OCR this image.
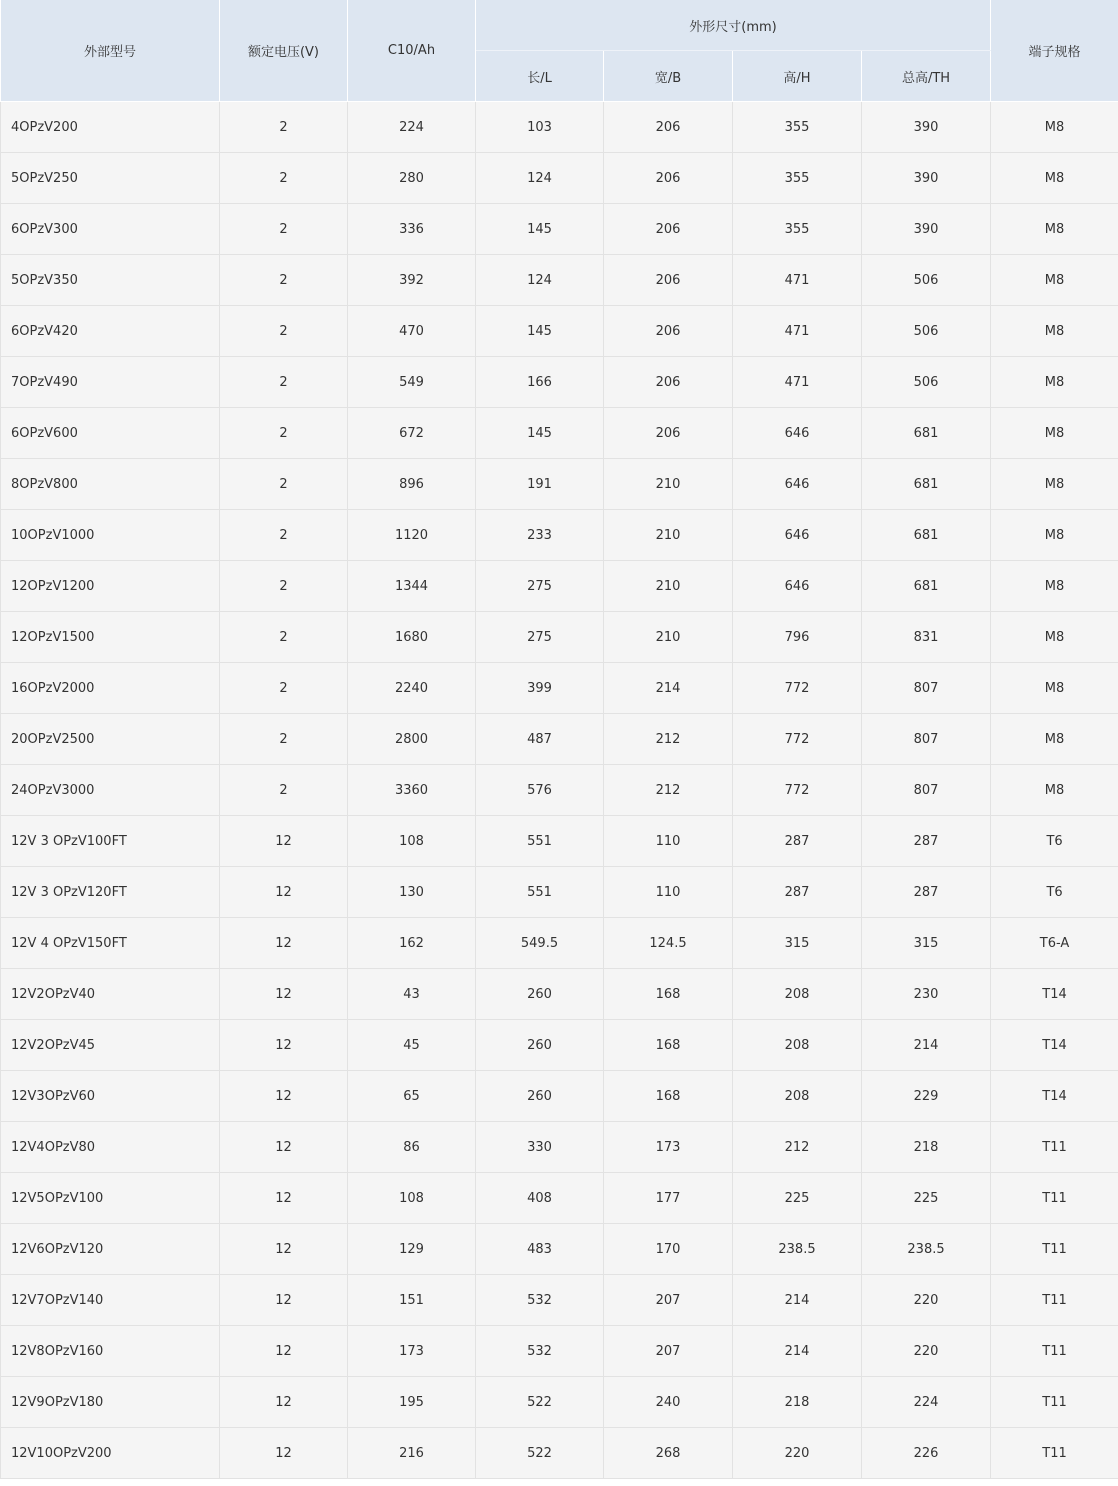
外部型号	额定电压(V)	C10/Ah	外形尺寸(mm)				端子规格
			长/L	宽/B	高/H	总高/TH	
4OPzV200	2	224	103	206	355	390	M8
5OPzV250	2	280	124	206	355	390	M8
6OPzV300	2	336	145	206	355	390	M8
5OPzV350	2	392	124	206	471	506	M8
6OPzV420	2	470	145	206	471	506	M8
7OPzV490	2	549	166	206	471	506	M8
6OPzV600	2	672	145	206	646	681	M8
8OPzV800	2	896	191	210	646	681	M8
10OPzV1000	2	1120	233	210	646	681	M8
12OPzV1200	2	1344	275	210	646	681	M8
12OPzV1500	2	1680	275	210	796	831	M8
16OPzV2000	2	2240	399	214	772	807	M8
20OPzV2500	2	2800	487	212	772	807	M8
24OPzV3000	2	3360	576	212	772	807	M8
12V 3 OPzV100FT	12	108	551	110	287	287	T6
12V 3 OPzV120FT	12	130	551	110	287	287	T6
12V 4 OPzV150FT	12	162	549.5	124.5	315	315	T6-A
12V2OPzV40	12	43	260	168	208	230	T14
12V2OPzV45	12	45	260	168	208	214	T14
12V3OPzV60	12	65	260	168	208	229	T14
12V4OPzV80	12	86	330	173	212	218	T11
12V5OPzV100	12	108	408	177	225	225	T11
12V6OPzV120	12	129	483	170	238.5	238.5	T11
12V7OPzV140	12	151	532	207	214	220	T11
12V8OPzV160	12	173	532	207	214	220	T11
12V9OPzV180	12	195	522	240	218	224	T11
12V10OPzV200	12	216	522	268	220	226	T11
